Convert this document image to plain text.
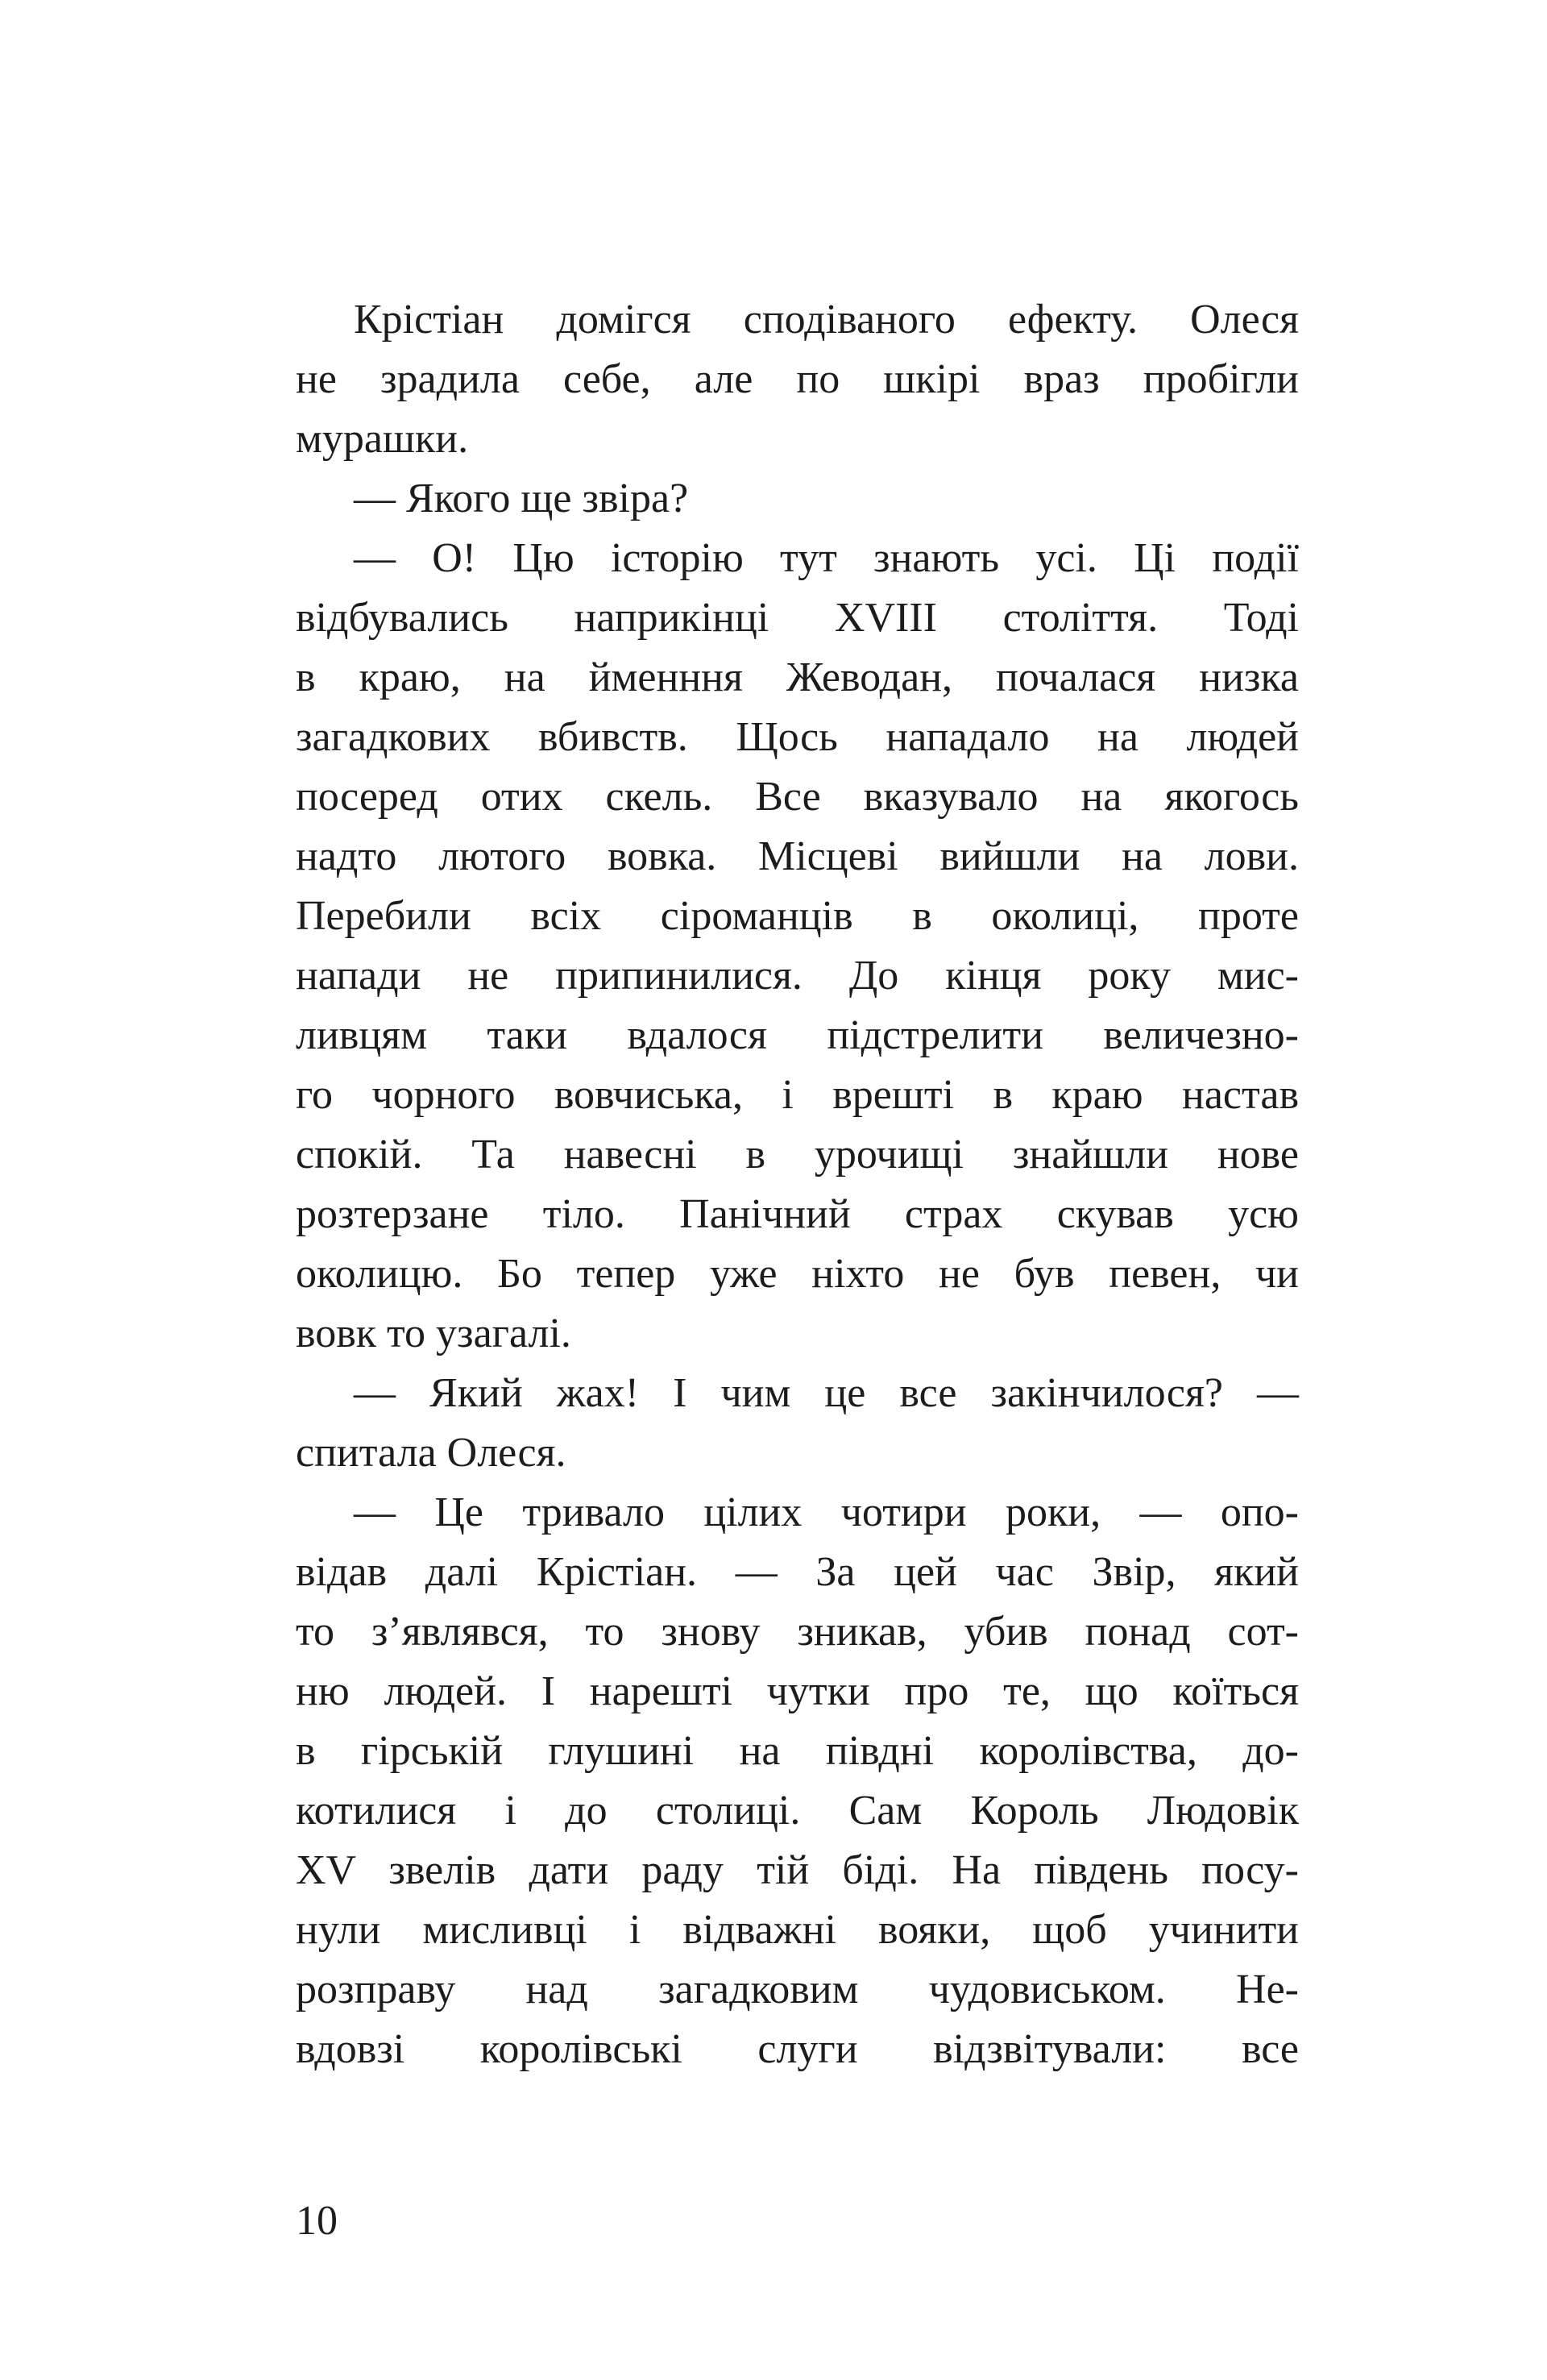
Крістіан домігся сподіваного ефекту. Олеся
не зрадила себе, але по шкірі враз пробігли
мурашки.
— Якого ще звіра?
— О! Цю історію тут знають усі. Ці події
відбувались наприкінці XVIII століття. Тоді
в краю, на йменння Жеводан, почалася низка
загадкових вбивств. Щось нападало на людей
посеред отих скель. Все вказувало на якогось
надто лютого вовка. Місцеві вийшли на лови.
Перебили всіх сіроманців в околиці, проте
напади не припинилися. До кінця року мис-
ливцям таки вдалося підстрелити величезно-
го чорного вовчиська, і врешті в краю настав
спокій. Та навесні в урочищі знайшли нове
розтерзане тіло. Панічний страх скував усю
околицю. Бо тепер уже ніхто не був певен, чи
вовк то узагалі.
— Який жах! І чим це все закінчилося? —
спитала Олеся.
— Це тривало цілих чотири роки, — опо-
відав далі Крістіан. — За цей час Звір, який
то з’являвся, то знову зникав, убив понад сот-
ню людей. І нарешті чутки про те, що коїться
в гірській глушині на півдні королівства, до-
котилися і до столиці. Сам Король Людовік
XV звелів дати раду тій біді. На південь посу-
нули мисливці і відважні вояки, щоб учинити
розправу над загадковим чудовиськом. Не-
вдовзі королівські слуги відзвітували: все
10
